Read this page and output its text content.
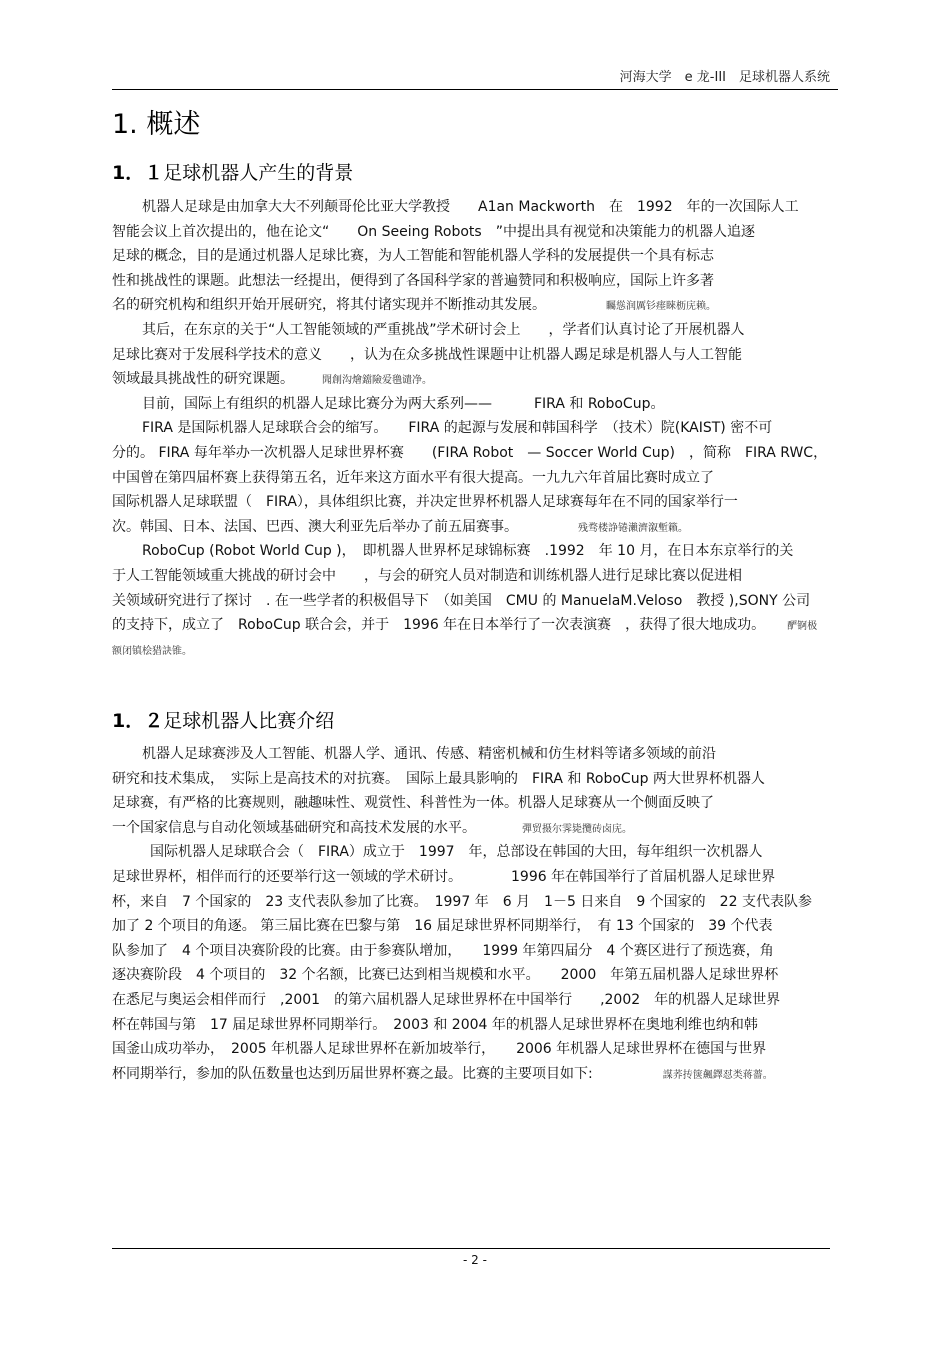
河海大学　e 龙-III　足球机器人系统
1. 概述
1．１足球机器人产生的背景
机器人足球是由加拿大大不列颠哥伦比亚大学教授　　A1an Mackworth　在　1992　年的一次国际人工
智能会议上首次提出的，他在论文“　　On Seeing Robots　”中提出具有视觉和决策能力的机器人追逐
足球的概念，目的是通过机器人足球比赛，为人工智能和智能机器人学科的发展提供一个具有标志
性和挑战性的课题。此想法一经提出，便得到了各国科学家的普遍赞同和积极响应，国际上许多著
名的研究机构和组织开始开展研究，将其付诸实现并不断推动其发展。	矚慫润厲钐瘗睞枥庑赖。
其后，在东京的关于“人工智能领域的严重挑战”学术研讨会上　　，学者们认真讨论了开展机器人
足球比赛对于发展科学技术的意义　　，认为在众多挑战性课题中让机器人踢足球是机器人与人工智能
领域最具挑战性的研究课题。	聞創沟燴鐺險爱氇谴净。
目前，国际上有组织的机器人足球比赛分为两大系列——　　　FIRA 和 RoboCup。
FIRA 是国际机器人足球联合会的缩写。　　FIRA 的起源与发展和韩国科学　（技术）院(KAIST) 密不可
分的。 FIRA 每年举办一次机器人足球世界杯赛　　(FIRA Robot　— Soccer World Cup)　，简称　FIRA RWC，
中国曾在第四届杯赛上获得第五名，近年来这方面水平有很大提高。一九九六年首届比赛时成立了
国际机器人足球联盟（　FIRA），具体组织比赛，并决定世界杯机器人足球赛每年在不同的国家举行一
次。韩国、日本、法国、巴西、澳大利亚先后举办了前五届赛事。	残骛楼諍锩瀨濟溆塹籟。
RoboCup (Robot World Cup )，　即机器人世界杯足球锦标赛　.1992　年 10 月，在日本东京举行的关
于人工智能领域重大挑战的研讨会中　　，与会的研究人员对制造和训练机器人进行足球比赛以促进相
关领域研究进行了探讨　. 在一些学者的积极倡导下　（如美国　CMU 的 ManuelaM.Veloso　教授 ),SONY 公司
的支持下，成立了　RoboCup 联合会，并于　1996 年在日本举行了一次表演赛　，获得了很大地成功。 酽锕极
额闭镇桧猎訣锥。
1．２足球机器人比赛介绍
机器人足球赛涉及人工智能、机器人学、通讯、传感、精密机械和仿生材料等诸多领域的前沿
研究和技术集成，　实际上是高技术的对抗赛。　国际上最具影响的　FIRA 和 RoboCup 两大世界杯机器人
足球赛，有严格的比赛规则，融趣味性、观赏性、科普性为一体。机器人足球赛从一个侧面反映了
一个国家信息与自动化领域基础研究和高技术发展的水平。	彈贸摄尔霁毙攬砖卤庑。
国际机器人足球联合会（　FIRA）成立于　1997　年，总部设在韩国的大田，每年组织一次机器人
足球世界杯，相伴而行的还要举行这一领域的学术研讨。　　　　1996 年在韩国举行了首届机器人足球世界
杯，来自　7 个国家的　23 支代表队参加了比赛。　1997 年　6 月　1－5 日来自　9 个国家的　22 支代表队参
加了 2 个项目的角逐。 第三届比赛在巴黎与第　16 届足球世界杯同期举行，　有 13 个国家的　39 个代表
队参加了　4 个项目决赛阶段的比赛。由于参赛队增加，　　1999 年第四届分　4 个赛区进行了预选赛，角
逐决赛阶段　4 个项目的　32 个名额，比赛已达到相当规模和水平。　　2000　年第五届机器人足球世界杯
在悉尼与奥运会相伴而行　,2001　的第六届机器人足球世界杯在中国举行　　,2002　年的机器人足球世界
杯在韩国与第　17 届足球世界杯同期举行。　2003 和 2004 年的机器人足球世界杯在奥地利维也纳和韩
国釜山成功举办，　2005 年机器人足球世界杯在新加坡举行，　　2006 年机器人足球世界杯在德国与世界
杯同期举行，参加的队伍数量也达到历届世界杯赛之最。比赛的主要项目如下:	謀荞抟箧飆鐸怼类蒋薔。
- 2 -
